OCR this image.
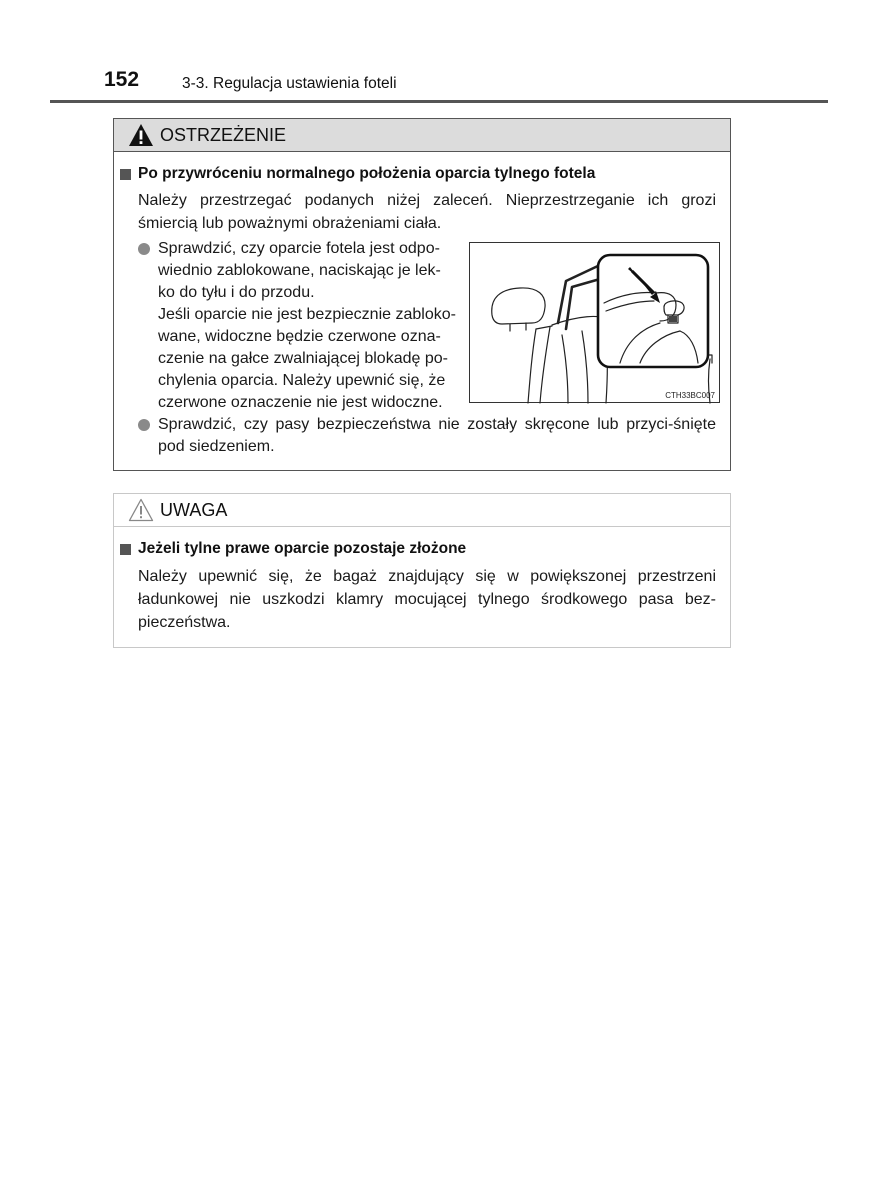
152	3-3. Regulacja ustawienia foteli
OSTRZEŻENIE
Po przywróceniu normalnego położenia oparcia tylnego fotela
Należy przestrzegać podanych niżej zaleceń. Nieprzestrzeganie ich grozi śmiercią lub poważnymi obrażeniami ciała.
Sprawdzić, czy oparcie fotela jest odpo-
wiednio zablokowane, naciskając je lek-
ko do tyłu i do przodu.
Jeśli oparcie nie jest bezpiecznie zabloko-
wane, widoczne będzie czerwone ozna-
czenie na gałce zwalniającej blokadę po-
chylenia oparcia. Należy upewnić się, że
czerwone oznaczenie nie jest widoczne.	CTH33BC007
Sprawdzić, czy pasy bezpieczeństwa nie zostały skręcone lub przyci-śnięte pod siedzeniem.
UWAGA
Jeżeli tylne prawe oparcie pozostaje złożone
Należy upewnić się, że bagaż znajdujący się w powiększonej przestrzeni ładunkowej nie uszkodzi klamry mocującej tylnego środkowego pasa bez-pieczeństwa.
